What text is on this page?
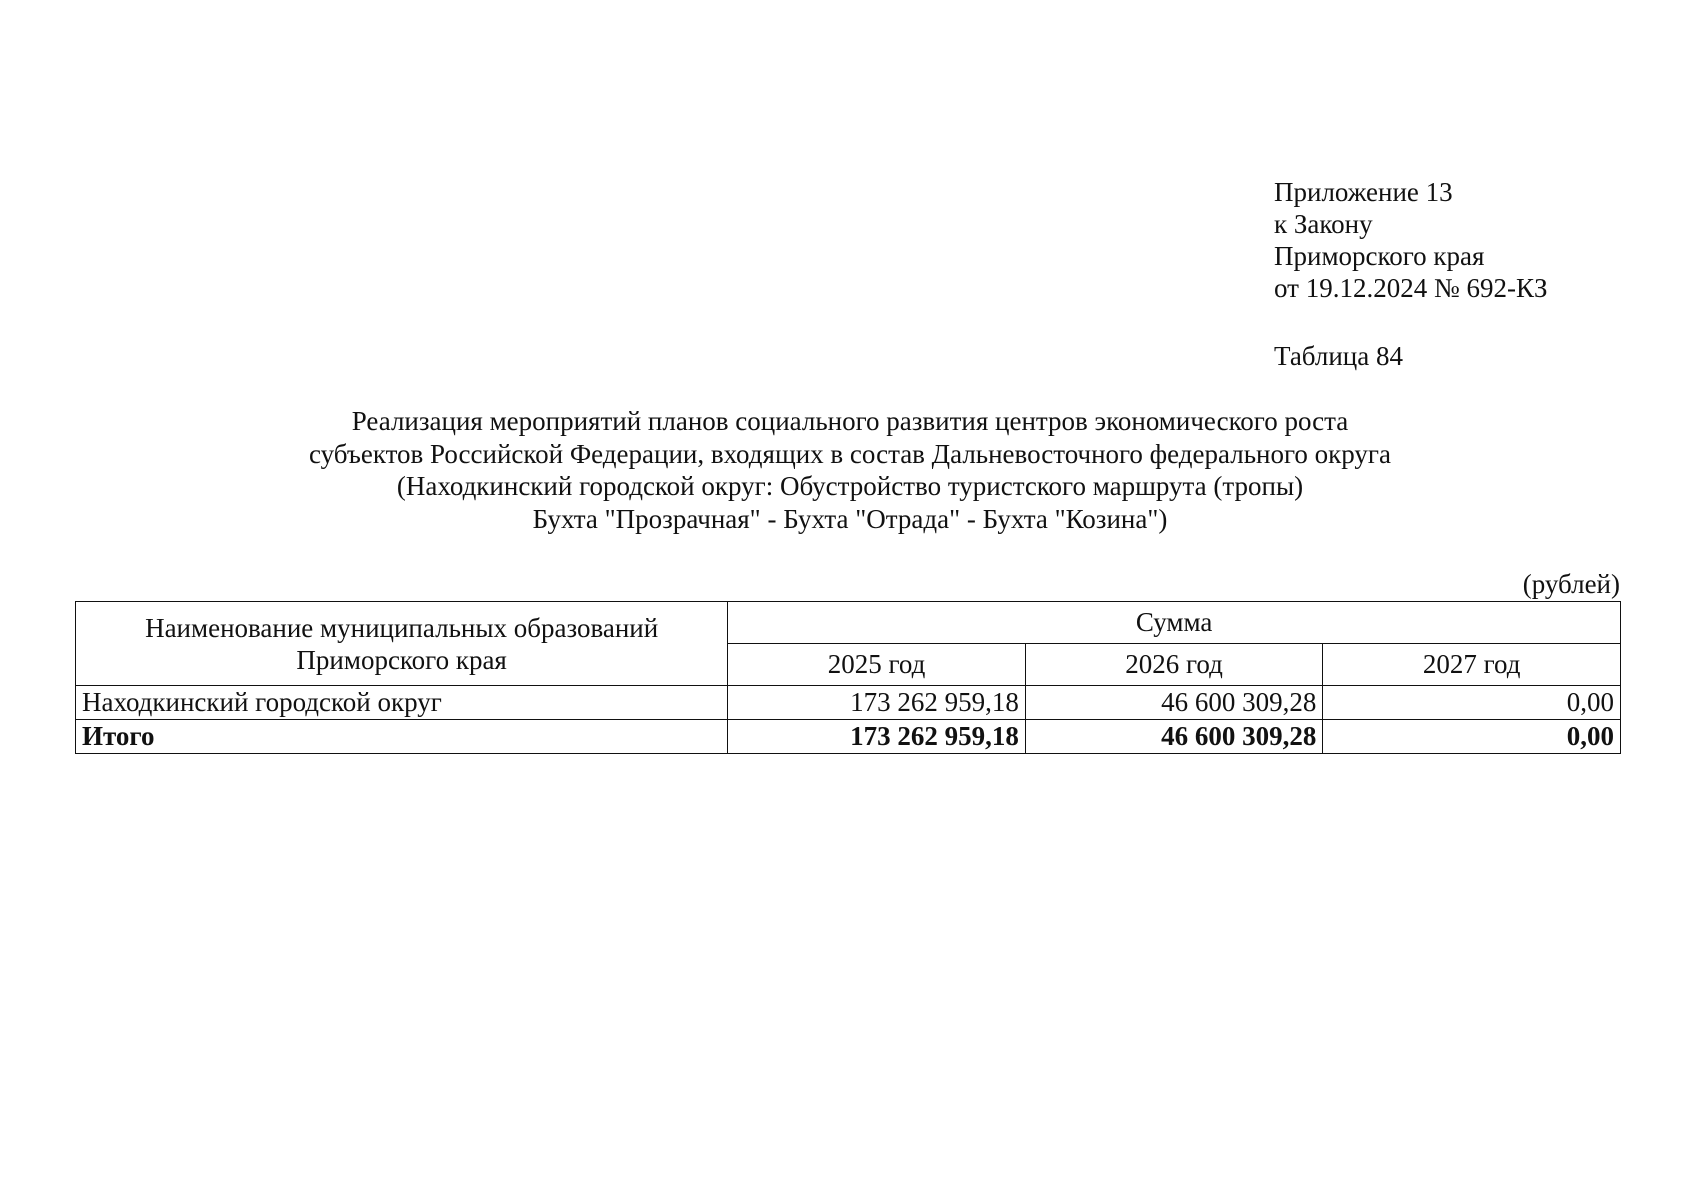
Приложение 13
к Закону
Приморского края
от 19.12.2024 № 692-КЗ
Таблица 84
Реализация мероприятий планов социального развития центров экономического роста
субъектов Российской Федерации, входящих в состав Дальневосточного федерального округа
(Находкинский городской округ: Обустройство туристского маршрута (тропы)
Бухта "Прозрачная" - Бухта "Отрада" - Бухта "Козина")
(рублей)
Наименование муниципальных образований
Приморского края	Сумма		
	2025 год	2026 год	2027 год
Находкинский городской округ	173 262 959,18	46 600 309,28	0,00
Итого	173 262 959,18	46 600 309,28	0,00
